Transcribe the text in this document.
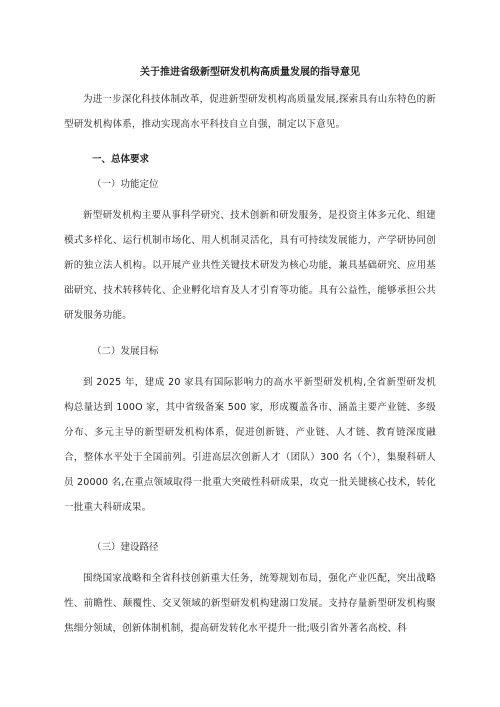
关于推进省级新型研发机构高质量发展的指导意见
为进一步深化科技体制改革，促进新型研发机构高质量发展,探索具有山东特色的新型研发机构体系，推动实现高水平科技自立自强，制定以下意见。
一、总体要求
（一）功能定位
新型研发机构主要从事科学研究、技术创新和研发服务，是投资主体多元化、组建模式多样化、运行机制市场化、用人机制灵活化，具有可持续发展能力，产学研协同创新的独立法人机构。以开展产业共性关键技术研发为核心功能，兼具基础研究、应用基础研究、技术转移转化、企业孵化培育及人才引育等功能。具有公益性，能够承担公共研发服务功能。
（二）发展目标
到 2025 年，建成 20 家具有国际影响力的高水平新型研发机构,全省新型研发机构总量达到 100O 家，其中省级备案 500 家，形成覆盖各市、涵盖主要产业链、多级分布、多元主导的新型研发机构体系，促进创新链、产业链、人才链、教育链深度融合，整体水平处于全国前列。引进高层次创新人才（团队）300 名（个），集聚科研人员 20000 名,在重点领域取得一批重大突破性科研成果，攻克一批关键核心技术，转化一批重大科研成果。
（三）建设路径
围绕国家战略和全省科技创新重大任务，统筹规划布局，强化产业匹配，突出战略性、前瞻性、颠覆性、交叉领域的新型研发机构建溺口发展。支持存量新型研发机构聚焦细分领域，创新体制机制，提高研发转化水平提升一批;吸引省外著名高校、科
